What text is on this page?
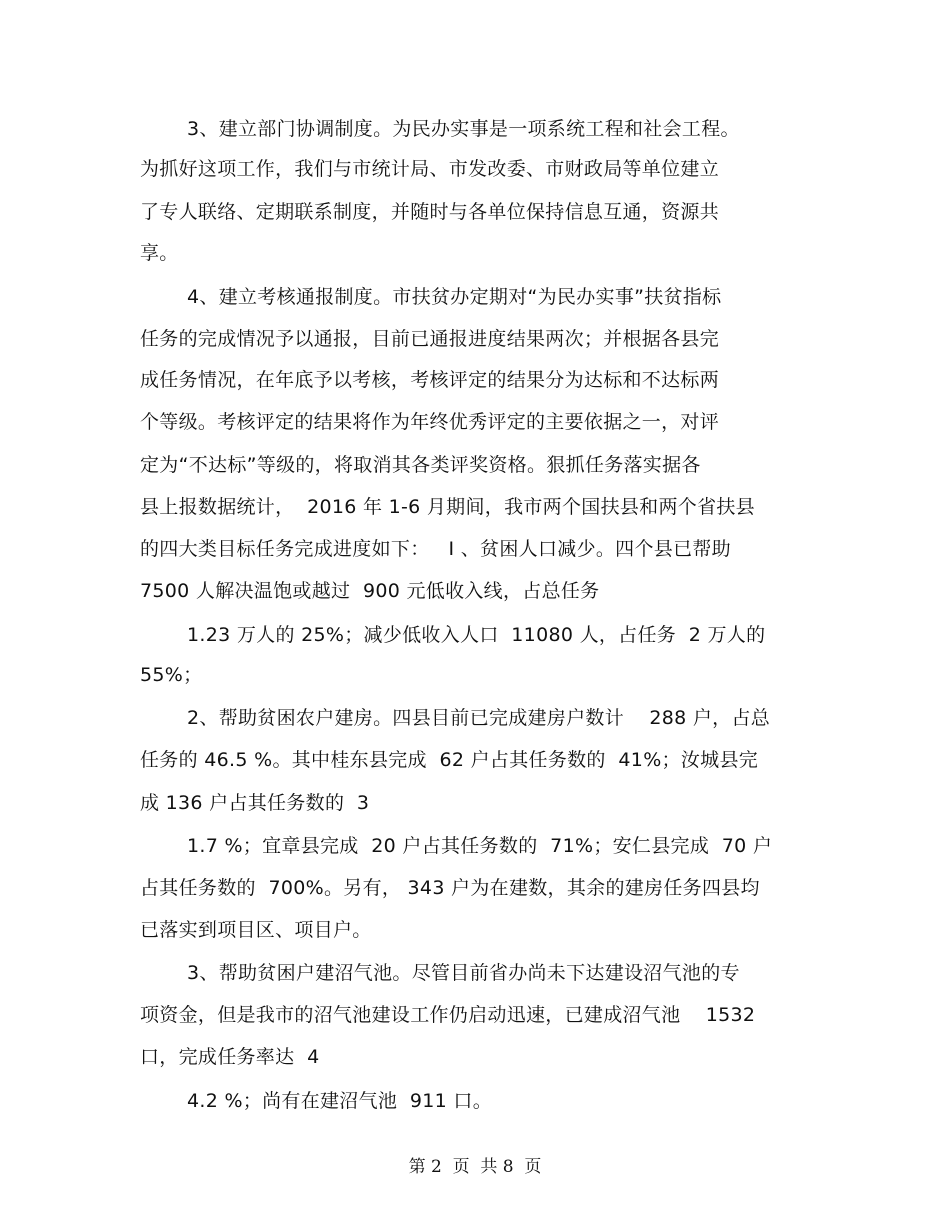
3、建立部门协调制度。为民办实事是一项系统工程和社会工程。
为抓好这项工作，我们与市统计局、市发改委、市财政局等单位建立
了专人联络、定期联系制度，并随时与各单位保持信息互通，资源共
享。
4、建立考核通报制度。市扶贫办定期对“为民办实事”扶贫指标
任务的完成情况予以通报，目前已通报进度结果两次；并根据各县完
成任务情况，在年底予以考核，考核评定的结果分为达标和不达标两
个等级。考核评定的结果将作为年终优秀评定的主要依据之一，对评
定为“不达标”等级的，将取消其各类评奖资格。狠抓任务落实据各
县上报数据统计，  2016 年 1-6 月期间，我市两个国扶县和两个省扶县
的四大类目标任务完成进度如下：   I 、贫困人口减少。四个县已帮助
7500 人解决温饱或越过  900 元低收入线，占总任务
1.23 万人的 25%；减少低收入人口  11080 人，占任务  2 万人的
55%；
2、帮助贫困农户建房。四县目前已完成建房户数计    288 户，占总
任务的 46.5 %。其中桂东县完成  62 户占其任务数的  41%；汝城县完
成 136 户占其任务数的  3
1.7 %；宜章县完成  20 户占其任务数的  71%；安仁县完成  70 户
占其任务数的  700%。另有， 343 户为在建数，其余的建房任务四县均
已落实到项目区、项目户。
3、帮助贫困户建沼气池。尽管目前省办尚未下达建设沼气池的专
项资金，但是我市的沼气池建设工作仍启动迅速，已建成沼气池    1532
口，完成任务率达  4
4.2 %；尚有在建沼气池  911 口。
第 2  页  共 8  页
